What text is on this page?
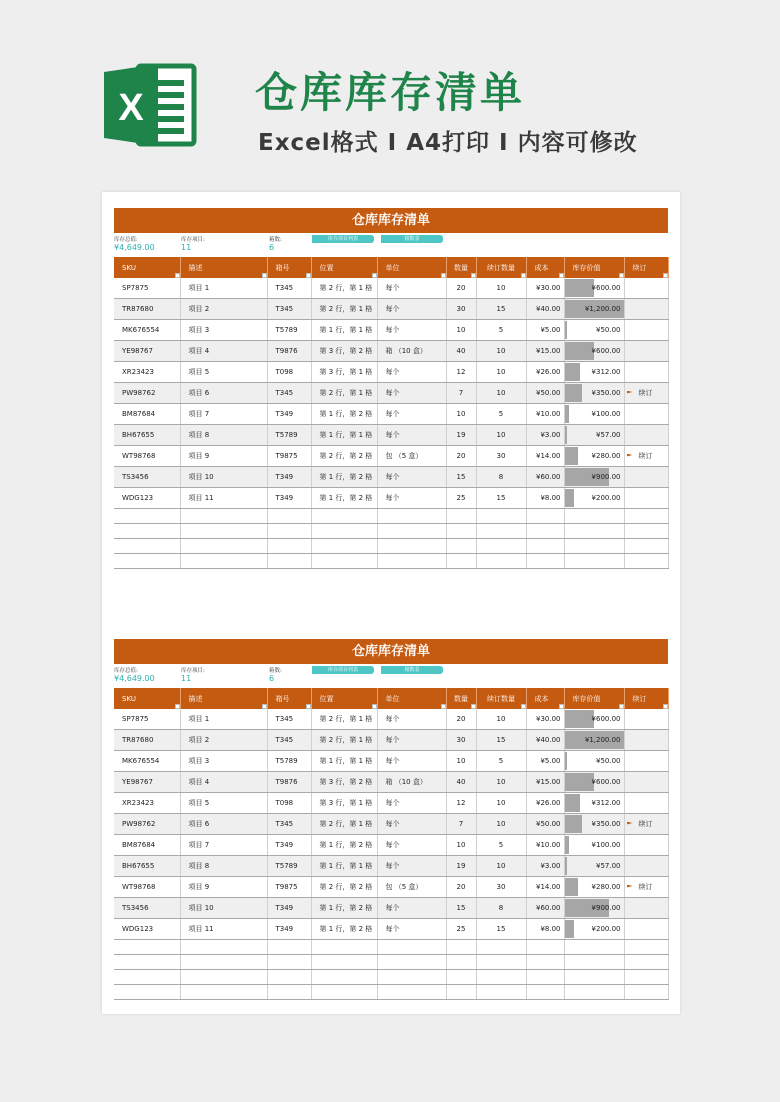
X	仓库库存清单
Excel格式 I A4打印 I 内容可修改
仓库库存清单
库存总值:
¥4,649.00
库存项目:
11
箱数:
6
库存项目列表	箱数表
SKU	描述	箱号	位置	单位	数量	续订数量	成本	库存价值	续订

SP7875	项目 1	T345	第 2 行，第 1 格	每个	20	10	¥30.00	¥600.00	
TR87680	项目 2	T345	第 2 行，第 1 格	每个	30	15	¥40.00	¥1,200.00	
MK676554	项目 3	T5789	第 1 行，第 1 格	每个	10	5	¥5.00	¥50.00	
YE98767	项目 4	T9876	第 3 行，第 2 格	箱 （10 盒）	40	10	¥15.00	¥600.00	
XR23423	项目 5	T098	第 3 行，第 1 格	每个	12	10	¥26.00	¥312.00	
PW98762	项目 6	T345	第 2 行，第 1 格	每个	7	10	¥50.00	¥350.00	续订
BM87684	项目 7	T349	第 1 行，第 2 格	每个	10	5	¥10.00	¥100.00	
BH67655	项目 8	T5789	第 1 行，第 1 格	每个	19	10	¥3.00	¥57.00	
WT98768	项目 9	T9875	第 2 行，第 2 格	包 （5 盒）	20	30	¥14.00	¥280.00	续订
TS3456	项目 10	T349	第 1 行，第 2 格	每个	15	8	¥60.00	¥900.00	
WDG123	项目 11	T349	第 1 行，第 2 格	每个	25	15	¥8.00	¥200.00	

仓库库存清单
库存总值:
¥4,649.00
库存项目:
11
箱数:
6
库存项目列表	箱数表
SKU	描述	箱号	位置	单位	数量	续订数量	成本	库存价值	续订

SP7875	项目 1	T345	第 2 行，第 1 格	每个	20	10	¥30.00	¥600.00	
TR87680	项目 2	T345	第 2 行，第 1 格	每个	30	15	¥40.00	¥1,200.00	
MK676554	项目 3	T5789	第 1 行，第 1 格	每个	10	5	¥5.00	¥50.00	
YE98767	项目 4	T9876	第 3 行，第 2 格	箱 （10 盒）	40	10	¥15.00	¥600.00	
XR23423	项目 5	T098	第 3 行，第 1 格	每个	12	10	¥26.00	¥312.00	
PW98762	项目 6	T345	第 2 行，第 1 格	每个	7	10	¥50.00	¥350.00	续订
BM87684	项目 7	T349	第 1 行，第 2 格	每个	10	5	¥10.00	¥100.00	
BH67655	项目 8	T5789	第 1 行，第 1 格	每个	19	10	¥3.00	¥57.00	
WT98768	项目 9	T9875	第 2 行，第 2 格	包 （5 盒）	20	30	¥14.00	¥280.00	续订
TS3456	项目 10	T349	第 1 行，第 2 格	每个	15	8	¥60.00	¥900.00	
WDG123	项目 11	T349	第 1 行，第 2 格	每个	25	15	¥8.00	¥200.00	
